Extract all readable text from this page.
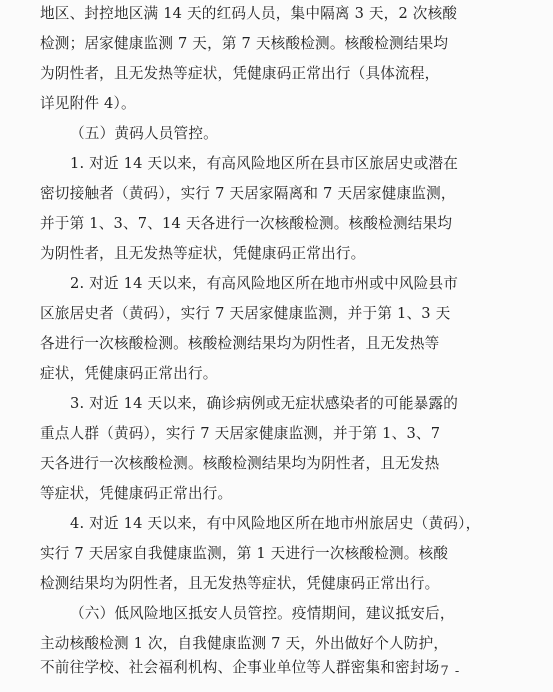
地区、封控地区满 14 天的红码人员，集中隔离 3 天，2 次核酸
检测；居家健康监测 7 天，第 7 天核酸检测。核酸检测结果均
为阴性者，且无发热等症状，凭健康码正常出行（具体流程，
详见附件 4）。
（五）黄码人员管控。
1. 对近 14 天以来，有高风险地区所在县市区旅居史或潜在
密切接触者（黄码），实行 7 天居家隔离和 7 天居家健康监测，
并于第 1、3、7、14 天各进行一次核酸检测。核酸检测结果均
为阴性者，且无发热等症状，凭健康码正常出行。
2. 对近 14 天以来，有高风险地区所在地市州或中风险县市
区旅居史者（黄码），实行 7 天居家健康监测，并于第 1、3 天
各进行一次核酸检测。核酸检测结果均为阴性者，且无发热等
症状，凭健康码正常出行。
3. 对近 14 天以来，确诊病例或无症状感染者的可能暴露的
重点人群（黄码），实行 7 天居家健康监测，并于第 1、3、7
天各进行一次核酸检测。核酸检测结果均为阴性者，且无发热
等症状，凭健康码正常出行。
4. 对近 14 天以来，有中风险地区所在地市州旅居史（黄码），
实行 7 天居家自我健康监测，第 1 天进行一次核酸检测。核酸
检测结果均为阴性者，且无发热等症状，凭健康码正常出行。
（六）低风险地区抵安人员管控。疫情期间，建议抵安后，
主动核酸检测 1 次，自我健康监测 7 天，外出做好个人防护，
不前往学校、社会福利机构、企事业单位等人群密集和密封场
- 7 -
